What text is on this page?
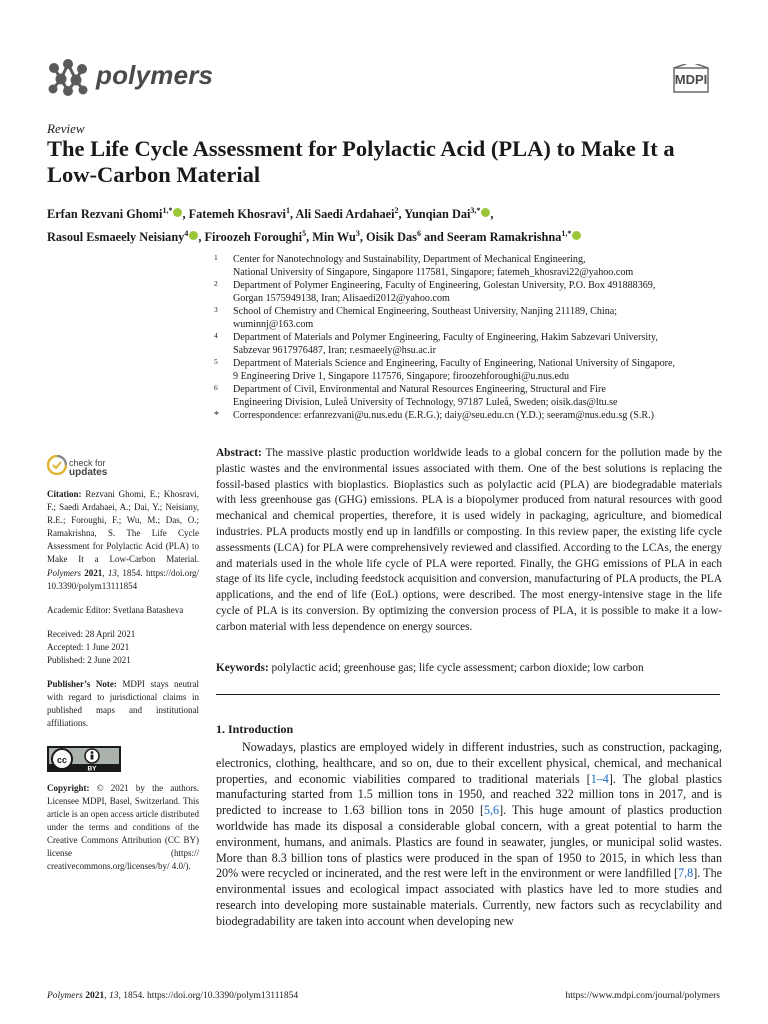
polymers	MDPI
Review
The Life Cycle Assessment for Polylactic Acid (PLA) to Make It a Low-Carbon Material
Erfan Rezvani Ghomi$^{1,*}$ , Fatemeh Khosravi$^1$, Ali Saedi Ardahaei$^2$, Yunqian Dai$^{3,*}$ ,
Rasoul Esmaeely Neisiany$^4$ , Firoozeh Foroughi$^5$, Min Wu$^3$, Oisik Das$^6$ and Seeram Ramakrishna$^{1,*}$
1 Center for Nanotechnology and Sustainability, Department of Mechanical Engineering,
National University of Singapore, Singapore 117581, Singapore; fatemeh_khosravi22@yahoo.com
2 Department of Polymer Engineering, Faculty of Engineering, Golestan University, P.O. Box 491888369,
Gorgan 1575949138, Iran; Alisaedi2012@yahoo.com
3 School of Chemistry and Chemical Engineering, Southeast University, Nanjing 211189, China;
wuminnj@163.com
4 Department of Materials and Polymer Engineering, Faculty of Engineering, Hakim Sabzevari University,
Sabzevar 9617976487, Iran; r.esmaeely@hsu.ac.ir
5 Department of Materials Science and Engineering, Faculty of Engineering, National University of Singapore,
9 Engineering Drive 1, Singapore 117576, Singapore; firoozehforoughi@u.nus.edu
6 Department of Civil, Environmental and Natural Resources Engineering, Structural and Fire
Engineering Division, Luleå University of Technology, 97187 Luleå, Sweden; oisik.das@ltu.se
* Correspondence: erfanrezvani@u.nus.edu (E.R.G.); daiy@seu.edu.cn (Y.D.); seeram@nus.edu.sg (S.R.)
check for
updates
Citation: Rezvani Ghomi, E.; Khosravi, F.; Saedi Ardahaei, A.; Dai, Y.; Neisiany, R.E.; Foroughi, F.; Wu, M.; Das, O.; Ramakrishna, S. The Life Cycle Assessment for Polylactic Acid (PLA) to Make It a Low-Carbon Material. Polymers 2021, 13, 1854. https://doi.org/10.3390/polym13111854
Academic Editor: Svetlana Batasheva
Received: 28 April 2021
Accepted: 1 June 2021
Published: 2 June 2021
Publisher’s Note: MDPI stays neutral with regard to jurisdictional claims in published maps and institutional affiliations.
cc
BY
Copyright: © 2021 by the authors. Licensee MDPI, Basel, Switzerland. This article is an open access article distributed under the terms and conditions of the Creative Commons Attribution (CC BY) license (https:// creativecommons.org/licenses/by/ 4.0/).
Abstract: The massive plastic production worldwide leads to a global concern for the pollution made by the plastic wastes and the environmental issues associated with them. One of the best solutions is replacing the fossil-based plastics with bioplastics. Bioplastics such as polylactic acid (PLA) are biodegradable materials with less greenhouse gas (GHG) emissions. PLA is a biopolymer produced from natural resources with good mechanical and chemical properties, therefore, it is used widely in packaging, agriculture, and biomedical industries. PLA products mostly end up in landfills or composting. In this review paper, the existing life cycle assessments (LCA) for PLA were comprehensively reviewed and classified. According to the LCAs, the energy and materials used in the whole life cycle of PLA were reported. Finally, the GHG emissions of PLA in each stage of its life cycle, including feedstock acquisition and conversion, manufacturing of PLA products, the PLA applications, and the end of life (EoL) options, were described. The most energy-intensive stage in the life cycle of PLA is its conversion. By optimizing the conversion process of PLA, it is possible to make it a low-carbon material with less dependence on energy sources.
Keywords: polylactic acid; greenhouse gas; life cycle assessment; carbon dioxide; low carbon
1. Introduction
Nowadays, plastics are employed widely in different industries, such as construction, packaging, electronics, clothing, healthcare, and so on, due to their excellent physical, chemical, and mechanical properties, and economic viabilities compared to traditional materials [1–4]. The global plastics manufacturing started from 1.5 million tons in 1950, and reached 322 million tons in 2017, and is predicted to increase to 1.63 billion tons in 2050 [5,6]. This huge amount of plastics production worldwide has made its disposal a considerable global concern, with a great potential to harm the environment, humans, and animals. Plastics are found in seawater, jungles, or municipal solid wastes. More than 8.3 billion tons of plastics were produced in the span of 1950 to 2015, in which less than 20% were recycled or incinerated, and the rest were left in the environment or were landfilled [7,8]. The environmental issues and ecological impact associated with plastics have led to more studies and research into developing more sustainable materials. Currently, new factors such as recyclability and biodegradability are taken into account when developing new
Polymers 2021, 13, 1854. https://doi.org/10.3390/polym13111854	https://www.mdpi.com/journal/polymers
